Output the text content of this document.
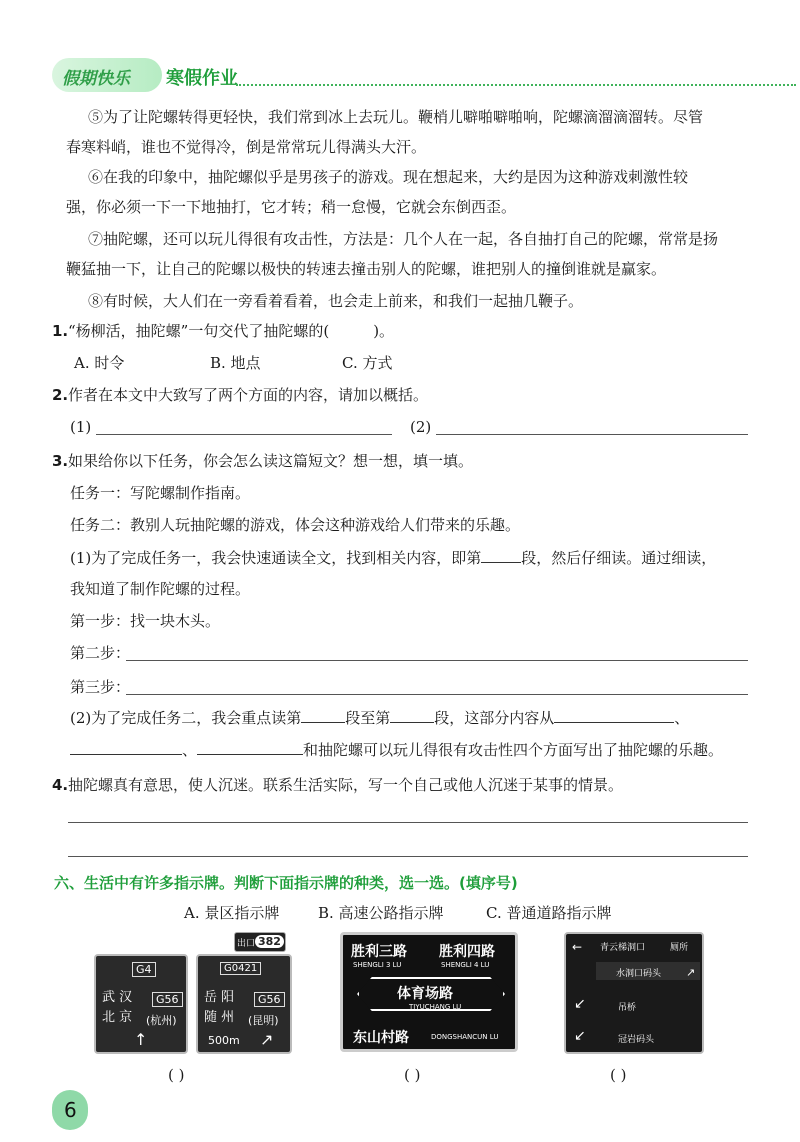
假期快乐 寒假作业
⑤为了让陀螺转得更轻快，我们常到冰上去玩儿。鞭梢儿噼啪噼啪响，陀螺滴溜滴溜转。尽管
春寒料峭，谁也不觉得冷，倒是常常玩儿得满头大汗。
⑥在我的印象中，抽陀螺似乎是男孩子的游戏。现在想起来，大约是因为这种游戏刺激性较
强，你必须一下一下地抽打，它才转；稍一怠慢，它就会东倒西歪。
⑦抽陀螺，还可以玩儿得很有攻击性，方法是：几个人在一起，各自抽打自己的陀螺，常常是扬
鞭猛抽一下，让自己的陀螺以极快的转速去撞击别人的陀螺，谁把别人的撞倒谁就是赢家。
⑧有时候，大人们在一旁看着看着，也会走上前来，和我们一起抽几鞭子。
1. “杨柳活，抽陀螺”一句交代了抽陀螺的(	)。
A. 时令	B. 地点	C. 方式
2. 作者在本文中大致写了两个方面的内容，请加以概括。
(1)	(2)
3. 如果给你以下任务，你会怎么读这篇短文？想一想，填一填。
任务一：写陀螺制作指南。
任务二：教别人玩抽陀螺的游戏，体会这种游戏给人们带来的乐趣。
(1)为了完成任务一，我会快速通读全文，找到相关内容，即第	段，然后仔细读。通过细读，
我知道了制作陀螺的过程。
第一步：找一块木头。
第二步：
第三步：
(2)为了完成任务二，我会重点读第	段至第	段，这部分内容从	、
、	和抽陀螺可以玩儿得很有攻击性四个方面写出了抽陀螺的乐趣。
4. 抽陀螺真有意思，使人沉迷。联系生活实际，写一个自己或他人沉迷于某事的情景。
六、生活中有许多指示牌。判断下面指示牌的种类，选一选。(填序号)
A. 景区指示牌	B. 高速公路指示牌	C. 普通道路指示牌
出口 382
G4
武 汉
北 京
G56
(杭州)
↑
G0421
岳 阳
随 州
G56
(昆明)
500m ↗
胜利三路 胜利四路
SHENGLI 3 LU	SHENGLI 4 LU
体育场路
TIYUCHANG LU
东山村路	DONGSHANCUN LU
← 青云梯洞口	厕所
水洞口码头 ↗
↙	吊桥
↙	冠岩码头
( )	( )	( )
6
